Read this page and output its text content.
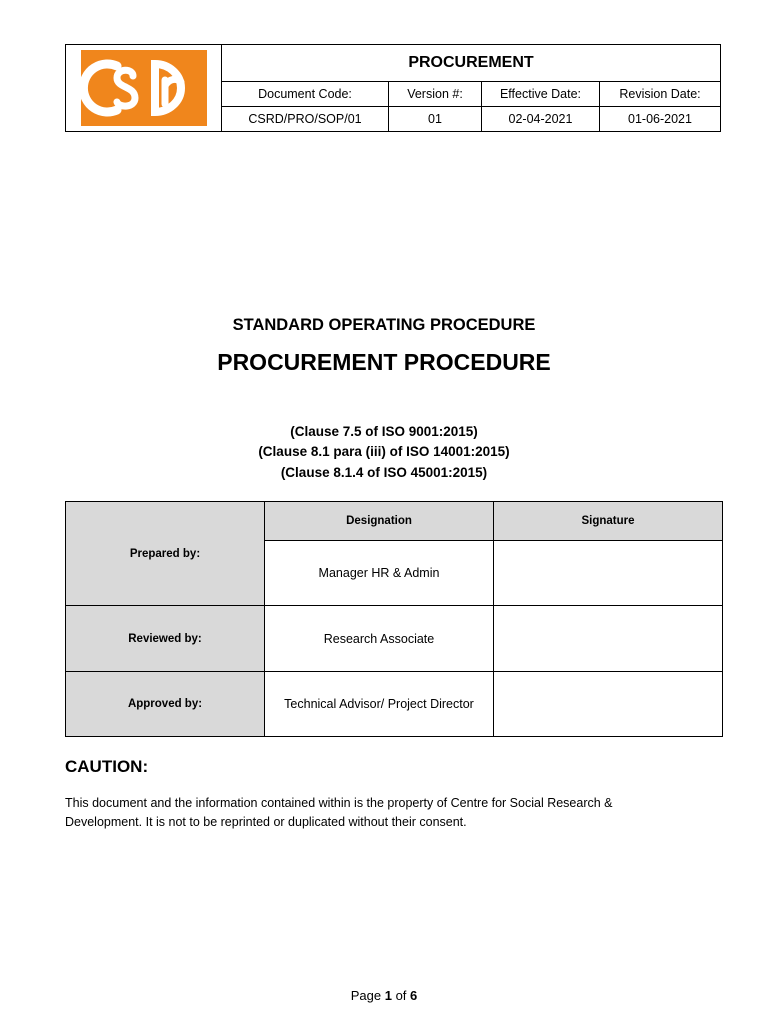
PROCUREMENT
Document Code:	Version #:	Effective Date:	Revision Date:
CSRD/PRO/SOP/01	01	02-04-2021	01-06-2021
STANDARD OPERATING PROCEDURE
PROCUREMENT PROCEDURE
(Clause 7.5 of ISO 9001:2015)
(Clause 8.1 para (iii) of ISO 14001:2015)
(Clause 8.1.4 of ISO 45001:2015)
Prepared by:	Designation	Signature
	Manager HR & Admin	
Reviewed by:	Research Associate	
Approved by:	Technical Advisor/ Project Director	
CAUTION:
This document and the information contained within is the property of Centre for Social Research & Development. It is not to be reprinted or duplicated without their consent.
Page 1 of 6
